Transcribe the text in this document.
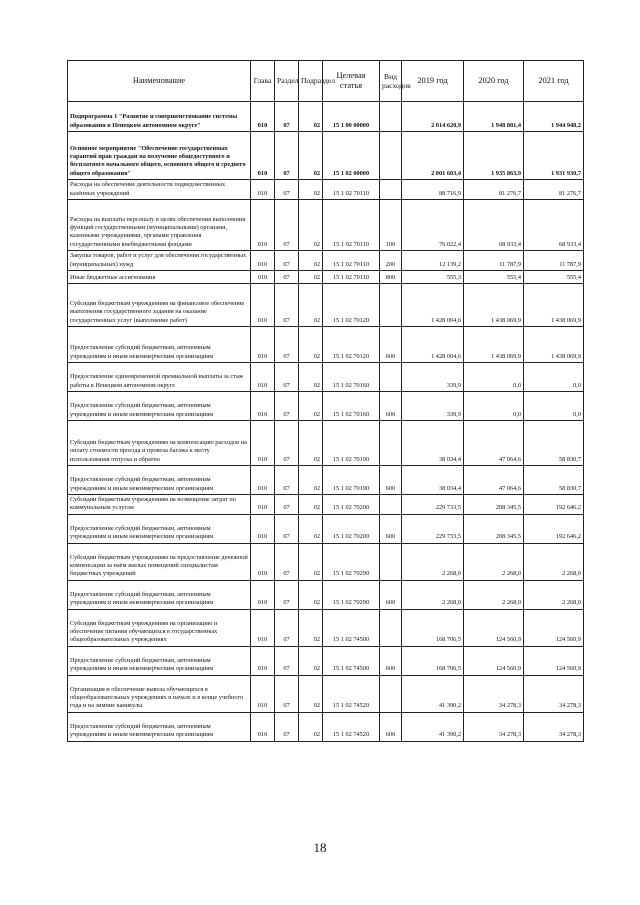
Наименование	Глава	Раздел	Подраздел	Целевая статья	Вид расходов	2019 год	2020 год	2021 год
Подпрограмма 1 "Развитие и совершенствование системы образования в Ненецком автономном округе"	010	07	02	15 1 00 00000		2 014 620,9	1 948 881,4	1 944 948,2
Основное мероприятие "Обеспечение государственных гарантий прав граждан на получение общедоступного и бесплатного начального общего, основного общего и среднего общего образования"	010	07	02	15 1 02 00000		2 001 603,4	1 935 863,9	1 931 930,7
Расходы на обеспечение деятельности подведомственных казённых учреждений	010	07	02	15 1 02 70110		88 716,9	81 276,7	81 276,7
Расходы на выплаты персоналу в целях обеспечения выполнения функций государственными (муниципальными) органами, казенными учреждениями, органами управления государственными внебюджетными фондами	010	07	02	15 1 02 70110	100	76 022,4	68 933,4	68 933,4
Закупка товаров, работ и услуг для обеспечения государственных (муниципальных) нужд	010	07	02	15 1 02 70110	200	12 139,2	11 787,9	11 787,9
Иные бюджетные ассигнования	010	07	02	15 1 02 70110	800	555,3	555,4	555,4
Субсидии бюджетным учреждениям на финансовое обеспечение выполнения государственного задания на оказание государственных услуг (выполнение работ)	010	07	02	15 1 02 70120		1 428 004,6	1 438 069,9	1 438 069,9
Предоставление субсидий бюджетным, автономным учреждениям и иным некоммерческим организациям	010	07	02	15 1 02 70120	600	1 428 004,6	1 438 069,9	1 438 069,9
Предоставление единовременной премиальной выплаты за стаж работы в Ненецком автономном округе	010	07	02	15 1 02 70160		339,9	0,0	0,0
Предоставление субсидий бюджетным, автономным учреждениям и иным некоммерческим организациям	010	07	02	15 1 02 70160	600	339,9	0,0	0,0
Субсидии бюджетным учреждениям на компенсацию расходов на оплату стоимости проезда и провоза багажа к месту использования отпуска и обратно	010	07	02	15 1 02 70190		38 034,4	47 064,6	58 830,7
Предоставление субсидий бюджетным, автономным учреждениям и иным некоммерческим организациям	010	07	02	15 1 02 70190	600	38 034,4	47 064,6	58 830,7
Субсидии бюджетным учреждениям на возмещение затрат по коммунальным услугам	010	07	02	15 1 02 70200		229 733,5	208 345,5	192 646,2
Предоставление субсидий бюджетным, автономным учреждениям и иным некоммерческим организациям	010	07	02	15 1 02 70200	600	229 733,5	208 345,5	192 646,2
Субсидии бюджетным учреждениям на предоставление денежной компенсации за наём жилых помещений специалистам бюджетных учреждений	010	07	02	15 1 02 70290		2 268,0	2 268,0	2 268,0
Предоставление субсидий бюджетным, автономным учреждениям и иным некоммерческим организациям	010	07	02	15 1 02 70290	600	2 268,0	2 268,0	2 268,0
Субсидии бюджетным учреждениям на организацию и обеспечение питания обучающихся в государственных общеобразовательных учреждениях	010	07	02	15 1 02 74500		168 706,5	124 560,9	124 560,9
Предоставление субсидий бюджетным, автономным учреждениям и иным некоммерческим организациям	010	07	02	15 1 02 74500	600	168 706,5	124 560,9	124 560,9
Организация и обеспечение вывоза обучающихся в общеобразовательных учреждениях в начале и в конце учебного года и на зимние каникулы	010	07	02	15 1 02 74520		41 390,2	34 278,3	34 278,3
Предоставление субсидий бюджетным, автономным учреждениям и иным некоммерческим организациям	010	07	02	15 1 02 74520	600	41 390,2	34 278,3	34 278,3
18
